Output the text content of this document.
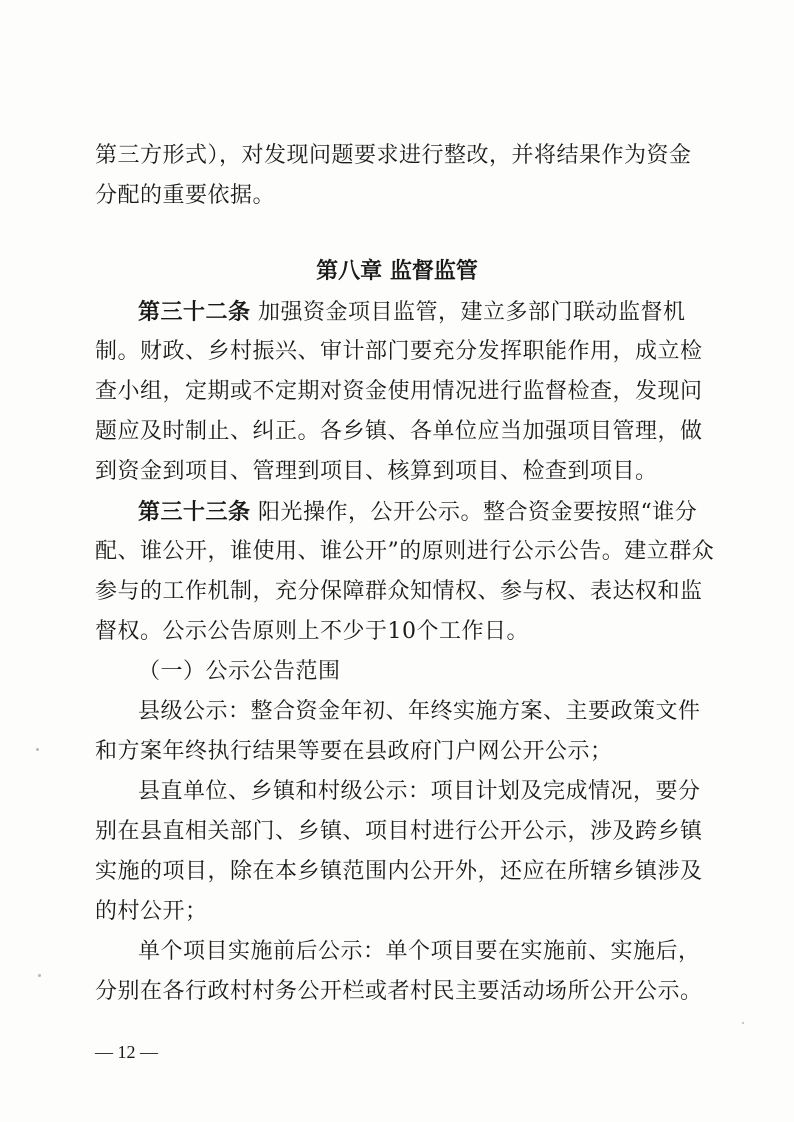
第三方形式），对发现问题要求进行整改，并将结果作为资金
分配的重要依据。
第八章 监督监管
第三十二条 加强资金项目监管，建立多部门联动监督机
制。财政、乡村振兴、审计部门要充分发挥职能作用，成立检
查小组，定期或不定期对资金使用情况进行监督检查，发现问
题应及时制止、纠正。各乡镇、各单位应当加强项目管理，做
到资金到项目、管理到项目、核算到项目、检查到项目。
第三十三条 阳光操作，公开公示。整合资金要按照“谁分
配、谁公开，谁使用、谁公开”的原则进行公示公告。建立群众
参与的工作机制，充分保障群众知情权、参与权、表达权和监
督权。公示公告原则上不少于10个工作日。
（一）公示公告范围
县级公示：整合资金年初、年终实施方案、主要政策文件
和方案年终执行结果等要在县政府门户网公开公示；
县直单位、乡镇和村级公示：项目计划及完成情况，要分
别在县直相关部门、乡镇、项目村进行公开公示，涉及跨乡镇
实施的项目，除在本乡镇范围内公开外，还应在所辖乡镇涉及
的村公开；
单个项目实施前后公示：单个项目要在实施前、实施后，
分别在各行政村村务公开栏或者村民主要活动场所公开公示。
— 12 —
